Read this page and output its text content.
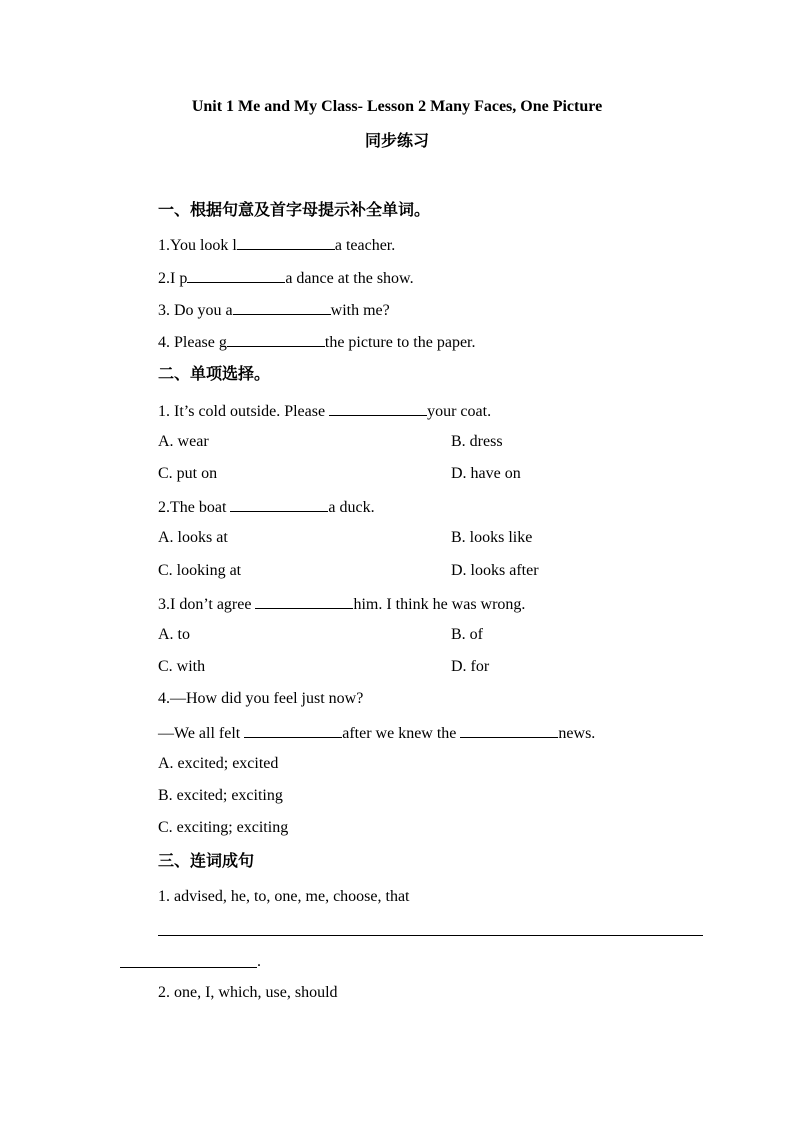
Unit 1 Me and My Class- Lesson 2 Many Faces, One Picture
同步练习
一、根据句意及首字母提示补全单词。
1.You look l	a teacher.
2.I p	a dance at the show.
3. Do you a	with me?
4. Please g	the picture to the paper.
二、单项选择。
1. It’s cold outside. Please	your coat.
A. wear	B. dress
C. put on	D. have on
2.The boat	a duck.
A. looks at	B. looks like
C. looking at	D. looks after
3.I don’t agree	him. I think he was wrong.
A. to	B. of
C. with	D. for
4.—How did you feel just now?
—We all felt	after we knew the	news.
A. excited; excited
B. excited; exciting
C. exciting; exciting
三、连词成句
1. advised, he, to, one, me, choose, that
.
2. one, I, which, use, should
